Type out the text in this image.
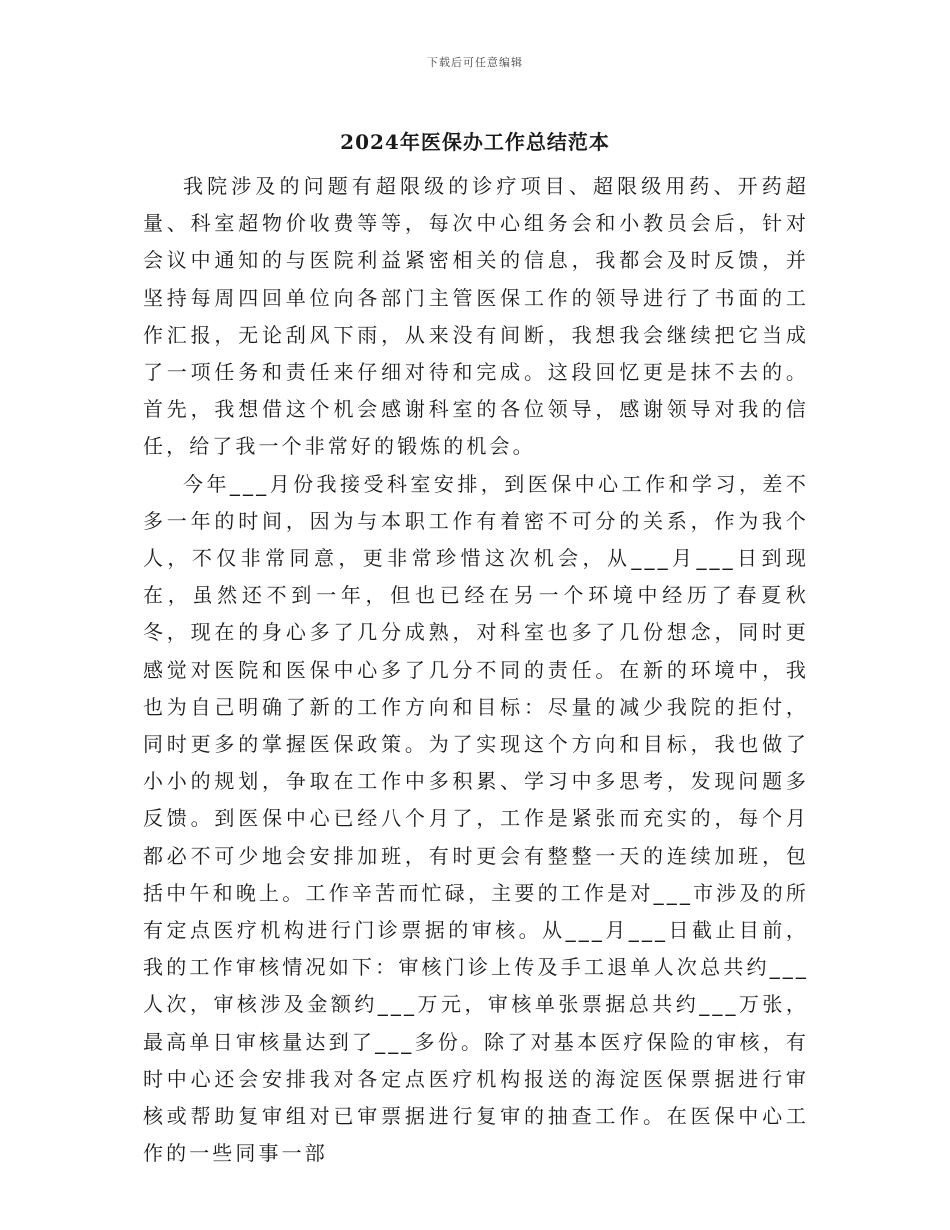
下载后可任意编辑
2024年医保办工作总结范本

我院涉及的问题有超限级的诊疗项目、超限级用药、开药超量、科室超物价收费等等，每次中心组务会和小教员会后，针对会议中通知的与医院利益紧密相关的信息，我都会及时反馈，并坚持每周四回单位向各部门主管医保工作的领导进行了书面的工作汇报，无论刮风下雨，从来没有间断，我想我会继续把它当成了一项任务和责任来仔细对待和完成。这段回忆更是抹不去的。首先，我想借这个机会感谢科室的各位领导，感谢领导对我的信任，给了我一个非常好的锻炼的机会。

今年___月份我接受科室安排，到医保中心工作和学习，差不多一年的时间，因为与本职工作有着密不可分的关系，作为我个人，不仅非常同意，更非常珍惜这次机会，从___月___日到现在，虽然还不到一年，但也已经在另一个环境中经历了春夏秋冬，现在的身心多了几分成熟，对科室也多了几份想念，同时更感觉对医院和医保中心多了几分不同的责任。在新的环境中，我也为自己明确了新的工作方向和目标：尽量的减少我院的拒付，同时更多的掌握医保政策。为了实现这个方向和目标，我也做了小小的规划，争取在工作中多积累、学习中多思考，发现问题多反馈。到医保中心已经八个月了，工作是紧张而充实的，每个月都必不可少地会安排加班，有时更会有整整一天的连续加班，包括中午和晚上。工作辛苦而忙碌，主要的工作是对___市涉及的所有定点医疗机构进行门诊票据的审核。从___月___日截止目前，我的工作审核情况如下：审核门诊上传及手工退单人次总共约___人次，审核涉及金额约___万元，审核单张票据总共约___万张，最高单日审核量达到了___多份。除了对基本医疗保险的审核，有时中心还会安排我对各定点医疗机构报送的海淀医保票据进行审核或帮助复审组对已审票据进行复审的抽查工作。在医保中心工作的一些同事一部
